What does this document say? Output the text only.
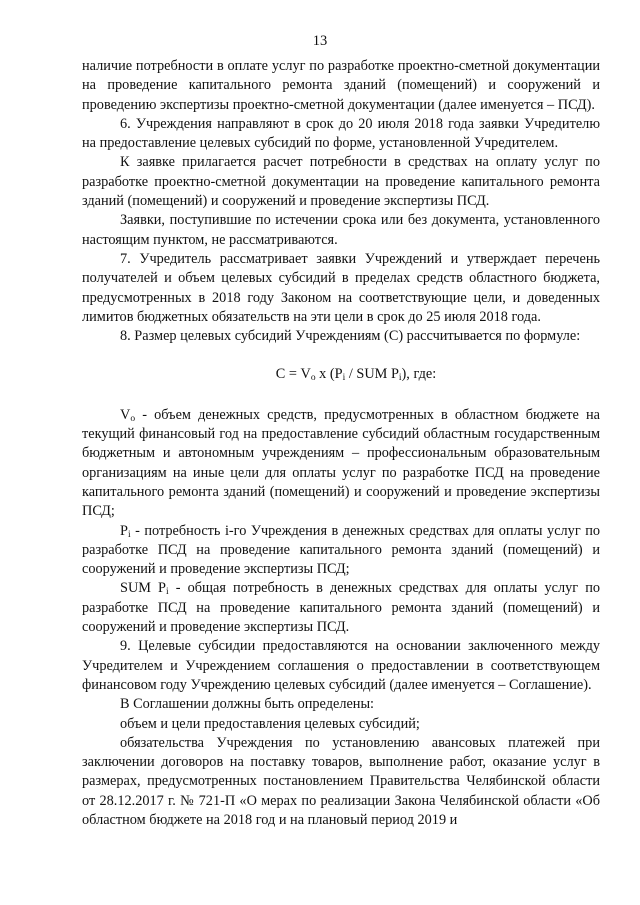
13

наличие потребности в оплате услуг по разработке проектно-сметной документации на проведение капитального ремонта зданий (помещений) и сооружений и проведению экспертизы проектно-сметной документации (далее именуется – ПСД).

6. Учреждения направляют в срок до 20 июля 2018 года заявки Учредителю на предоставление целевых субсидий по форме, установленной Учредителем.

К заявке прилагается расчет потребности в средствах на оплату услуг по разработке проектно-сметной документации на проведение капитального ремонта зданий (помещений) и сооружений и проведение экспертизы ПСД.

Заявки, поступившие по истечении срока или без документа, установленного настоящим пунктом, не рассматриваются.

7. Учредитель рассматривает заявки Учреждений и утверждает перечень получателей и объем целевых субсидий в пределах средств областного бюджета, предусмотренных в 2018 году Законом на соответствующие цели, и доведенных лимитов бюджетных обязательств на эти цели в срок до 25 июля 2018 года.

8. Размер целевых субсидий Учреждениям (С) рассчитывается по формуле:

$С = V_o$ x ($P_i$ / SUM $P_i$), где:

$V_o$ - объем денежных средств, предусмотренных в областном бюджете на текущий финансовый год на предоставление субсидий областным государственным бюджетным и автономным учреждениям – профессиональным образовательным организациям на иные цели для оплаты услуг по разработке ПСД на проведение капитального ремонта зданий (помещений) и сооружений и проведение экспертизы ПСД;

$P_i$ - потребность i-го Учреждения в денежных средствах для оплаты услуг по разработке ПСД на проведение капитального ремонта зданий (помещений) и сооружений и проведение экспертизы ПСД;

SUM $P_i$ - общая потребность в денежных средствах для оплаты услуг по разработке ПСД на проведение капитального ремонта зданий (помещений) и сооружений и проведение экспертизы ПСД.

9. Целевые субсидии предоставляются на основании заключенного между Учредителем и Учреждением соглашения о предоставлении в соответствующем финансовом году Учреждению целевых субсидий (далее именуется – Соглашение).

В Соглашении должны быть определены:

объем и цели предоставления целевых субсидий;

обязательства Учреждения по установлению авансовых платежей при заключении договоров на поставку товаров, выполнение работ, оказание услуг в размерах, предусмотренных постановлением Правительства Челябинской области от 28.12.2017 г. № 721-П «О мерах по реализации Закона Челябинской области «Об областном бюджете на 2018 год и на плановый период 2019 и
